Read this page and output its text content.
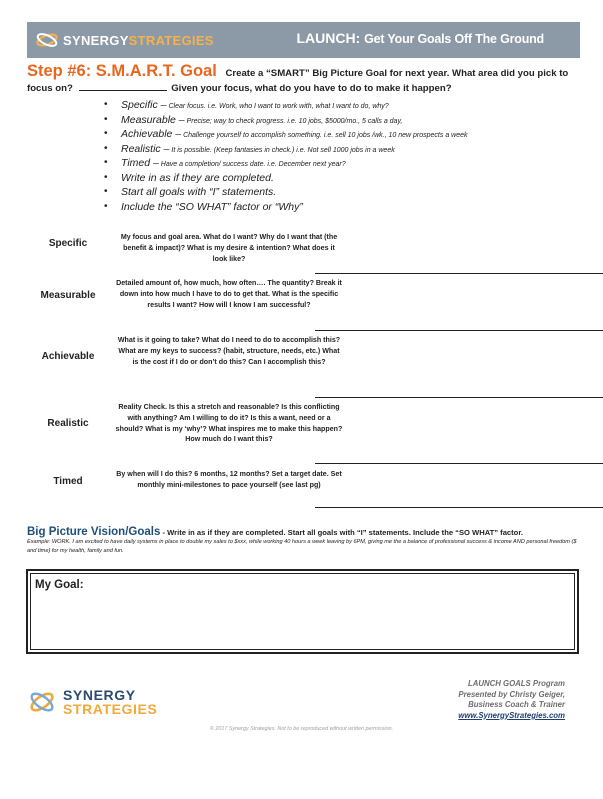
SYNERGYSTRATEGIES	LAUNCH: Get Your Goals Off The Ground
Step #6: S.M.A.R.T. Goal Create a “SMART” Big Picture Goal for next year. What area did you pick to focus on?	Given your focus, what do you have to do to make it happen?
• Specific – Clear focus. i.e. Work, who I want to work with, what I want to do, why?
• Measurable – Precise; way to check progress. i.e. 10 jobs, $5000/mo., 5 calls a day,
• Achievable – Challenge yourself to accomplish something. i.e. sell 10 jobs /wk., 10 new prospects a week
• Realistic – It is possible. (Keep fantasies in check.) i.e. Not sell 1000 jobs in a week
• Timed – Have a completion/ success date. i.e. December next year?
• Write in as if they are completed.
• Start all goals with “I” statements.
• Include the “SO WHAT” factor or “Why”
Specific
My focus and goal area. What do I want? Why do I want that (the benefit & impact)? What is my desire & intention? What does it look like?
Measurable
Detailed amount of, how much, how often…. The quantity? Break it down into how much I have to do to get that. What is the specific results I want? How will I know I am successful?
Achievable
What is it going to take? What do I need to do to accomplish this? What are my keys to success? (habit, structure, needs, etc.) What is the cost if I do or don’t do this? Can I accomplish this?
Realistic
Reality Check. Is this a stretch and reasonable? Is this conflicting with anything? Am I willing to do it? Is this a want, need or a should? What is my ‘why’? What inspires me to make this happen? How much do I want this?
Timed
By when will I do this? 6 months, 12 months? Set a target date. Set monthly mini-milestones to pace yourself (see last pg)
Big Picture Vision/Goals - Write in as if they are completed. Start all goals with “I” statements. Include the “SO WHAT” factor.
Example: WORK. I am excited to have daily systems in place to double my sales to $xxx, while working 40 hours a week leaving by 6PM, giving me the a balance of professional success & income AND personal freedom ($ and time) for my health, family and fun.
My Goal:
SYNERGY
STRATEGIES
LAUNCH GOALS Program
Presented by Christy Geiger,
Business Coach & Trainer
www.SynergyStrategies.com
© 2017 Synergy Strategies. Not to be reproduced without written permission.
